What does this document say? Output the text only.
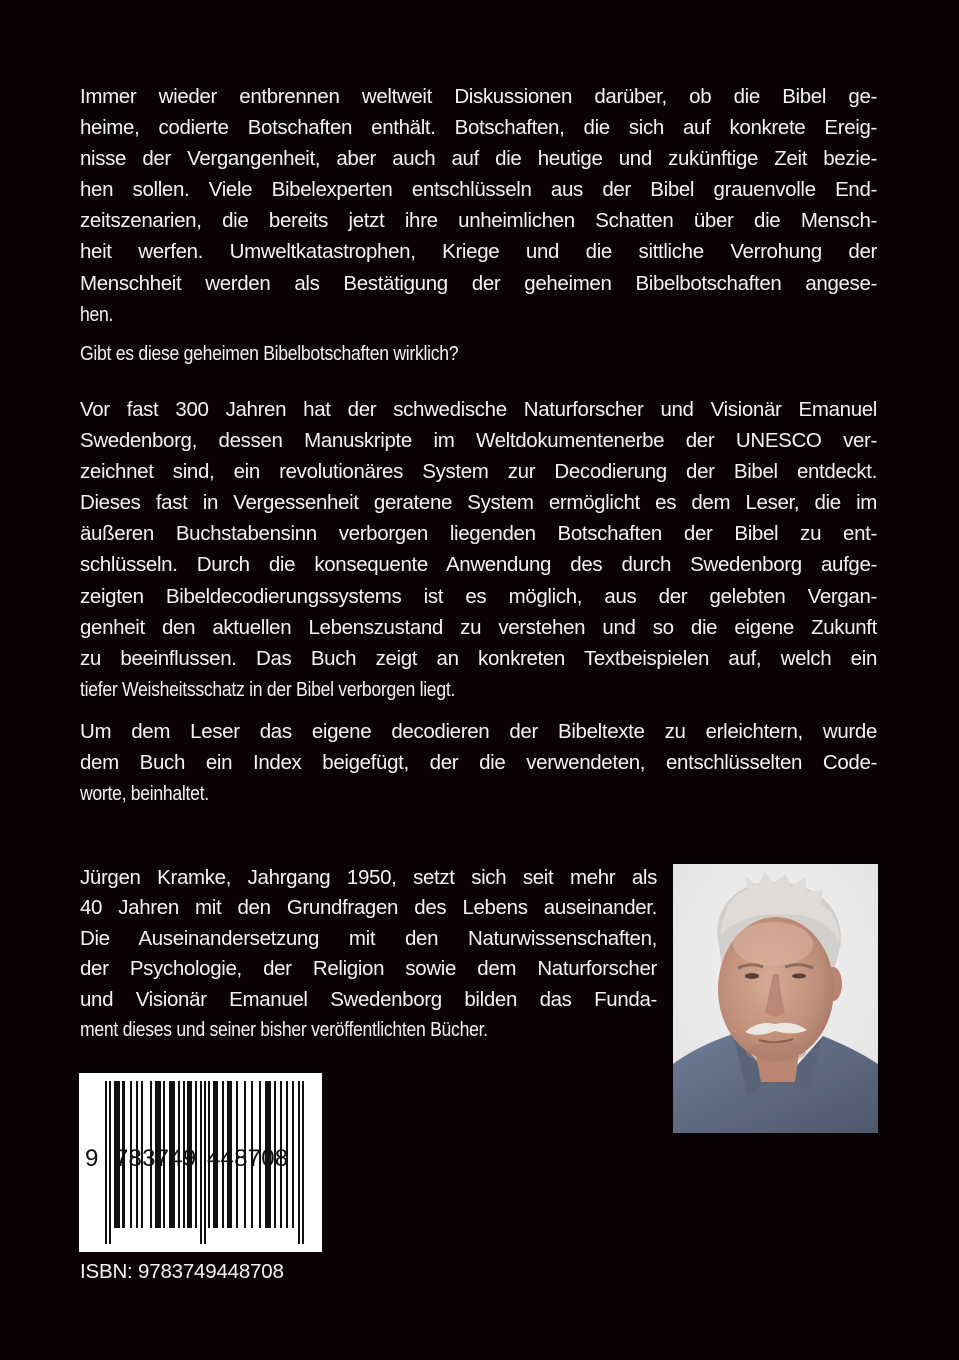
Immer wieder entbrennen weltweit Diskussionen darüber, ob die Bibel ge-
heime, codierte Botschaften enthält. Botschaften, die sich auf konkrete Ereig-
nisse der Vergangenheit, aber auch auf die heutige und zukünftige Zeit bezie-
hen sollen. Viele Bibelexperten entschlüsseln aus der Bibel grauenvolle End-
zeitszenarien, die bereits jetzt ihre unheimlichen Schatten über die Mensch-
heit werfen. Umweltkatastrophen, Kriege und die sittliche Verrohung der
Menschheit werden als Bestätigung der geheimen Bibelbotschaften angese-
hen.
Gibt es diese geheimen Bibelbotschaften wirklich?
Vor fast 300 Jahren hat der schwedische Naturforscher und Visionär Emanuel
Swedenborg, dessen Manuskripte im Weltdokumentenerbe der UNESCO ver-
zeichnet sind, ein revolutionäres System zur Decodierung der Bibel entdeckt.
Dieses fast in Vergessenheit geratene System ermöglicht es dem Leser, die im
äußeren Buchstabensinn verborgen liegenden Botschaften der Bibel zu ent-
schlüsseln. Durch die konsequente Anwendung des durch Swedenborg aufge-
zeigten Bibeldecodierungssystems ist es möglich, aus der gelebten Vergan-
genheit den aktuellen Lebenszustand zu verstehen und so die eigene Zukunft
zu beeinflussen. Das Buch zeigt an konkreten Textbeispielen auf, welch ein
tiefer Weisheitsschatz in der Bibel verborgen liegt.
Um dem Leser das eigene decodieren der Bibeltexte zu erleichtern, wurde
dem Buch ein Index beigefügt, der die verwendeten, entschlüsselten Code-
worte, beinhaltet.
Jürgen Kramke, Jahrgang 1950, setzt sich seit mehr als
40 Jahren mit den Grundfragen des Lebens auseinander.
Die Auseinandersetzung mit den Naturwissenschaften,
der Psychologie, der Religion sowie dem Naturforscher
und Visionär Emanuel Swedenborg bilden das Funda-
ment dieses und seiner bisher veröffentlichten Bücher.
9 783749 448708
ISBN: 9783749448708
